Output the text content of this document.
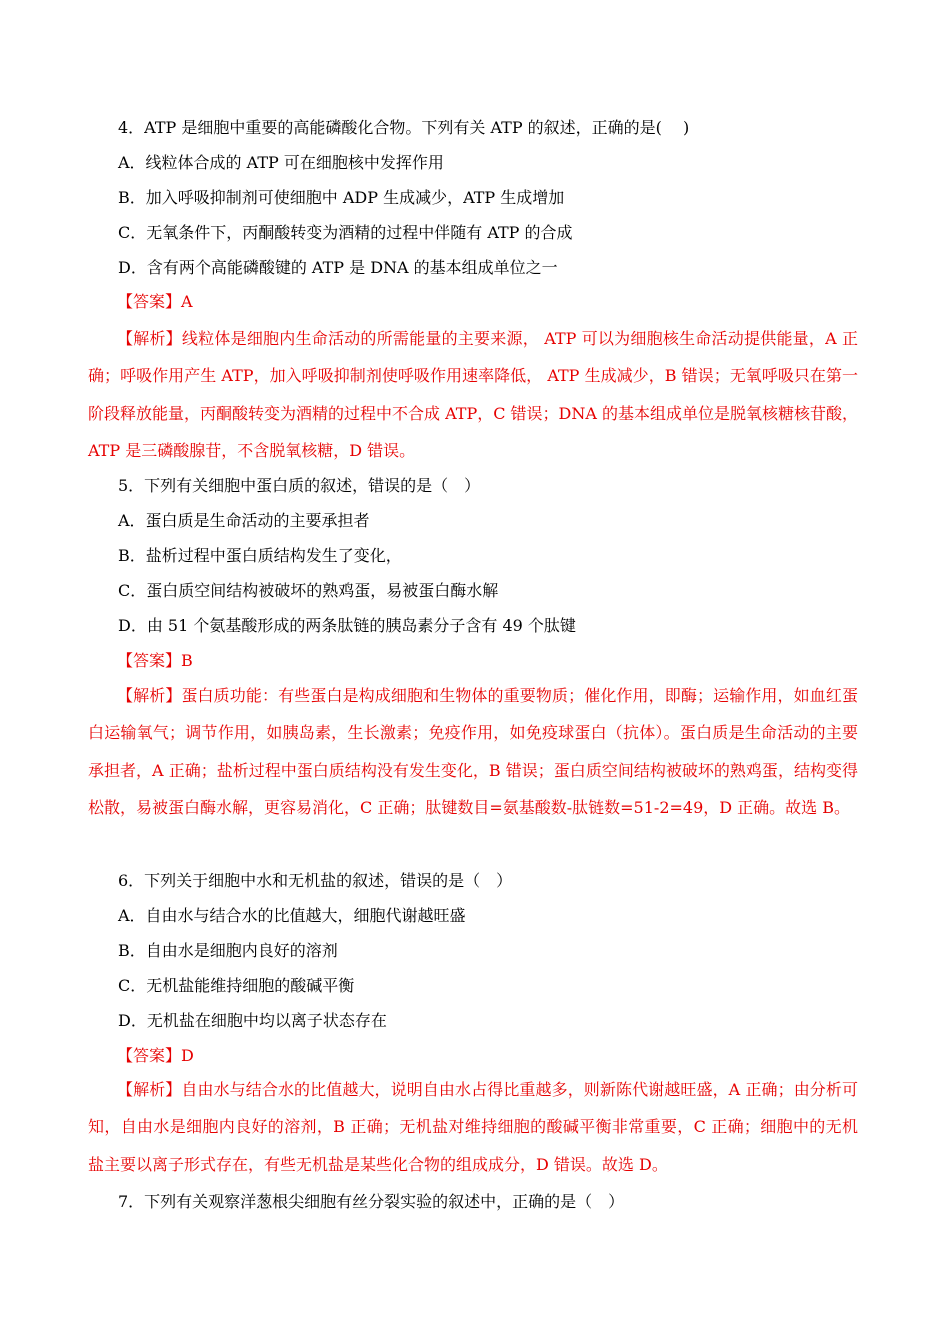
4．ATP 是细胞中重要的高能磷酸化合物。下列有关 ATP 的叙述，正确的是(　 )
A．线粒体合成的 ATP 可在细胞核中发挥作用
B．加入呼吸抑制剂可使细胞中 ADP 生成减少，ATP 生成增加
C．无氧条件下，丙酮酸转变为酒精的过程中伴随有 ATP 的合成
D．含有两个高能磷酸键的 ATP 是 DNA 的基本组成单位之一
【答案】A
【解析】线粒体是细胞内生命活动的所需能量的主要来源， ATP 可以为细胞核生命活动提供能量，A 正确；呼吸作用产生 ATP，加入呼吸抑制剂使呼吸作用速率降低， ATP 生成减少，B 错误；无氧呼吸只在第一阶段释放能量，丙酮酸转变为酒精的过程中不合成 ATP，C 错误；DNA 的基本组成单位是脱氧核糖核苷酸，ATP 是三磷酸腺苷，不含脱氧核糖，D 错误。
5．下列有关细胞中蛋白质的叙述，错误的是（　）
A．蛋白质是生命活动的主要承担者
B．盐析过程中蛋白质结构发生了变化，
C．蛋白质空间结构被破坏的熟鸡蛋，易被蛋白酶水解
D．由 51 个氨基酸形成的两条肽链的胰岛素分子含有 49 个肽键
【答案】B
【解析】蛋白质功能：有些蛋白是构成细胞和生物体的重要物质；催化作用，即酶；运输作用，如血红蛋白运输氧气；调节作用，如胰岛素，生长激素；免疫作用，如免疫球蛋白（抗体）。蛋白质是生命活动的主要承担者，A 正确；盐析过程中蛋白质结构没有发生变化，B 错误；蛋白质空间结构被破坏的熟鸡蛋，结构变得松散，易被蛋白酶水解，更容易消化，C 正确；肽键数目=氨基酸数-肽链数=51-2=49，D 正确。故选 B。
6．下列关于细胞中水和无机盐的叙述，错误的是（　）
A．自由水与结合水的比值越大，细胞代谢越旺盛
B．自由水是细胞内良好的溶剂
C．无机盐能维持细胞的酸碱平衡
D．无机盐在细胞中均以离子状态存在
【答案】D
【解析】自由水与结合水的比值越大，说明自由水占得比重越多，则新陈代谢越旺盛，A 正确；由分析可知，自由水是细胞内良好的溶剂，B 正确；无机盐对维持细胞的酸碱平衡非常重要，C 正确；细胞中的无机盐主要以离子形式存在，有些无机盐是某些化合物的组成成分，D 错误。故选 D。
7．下列有关观察洋葱根尖细胞有丝分裂实验的叙述中，正确的是（　）
